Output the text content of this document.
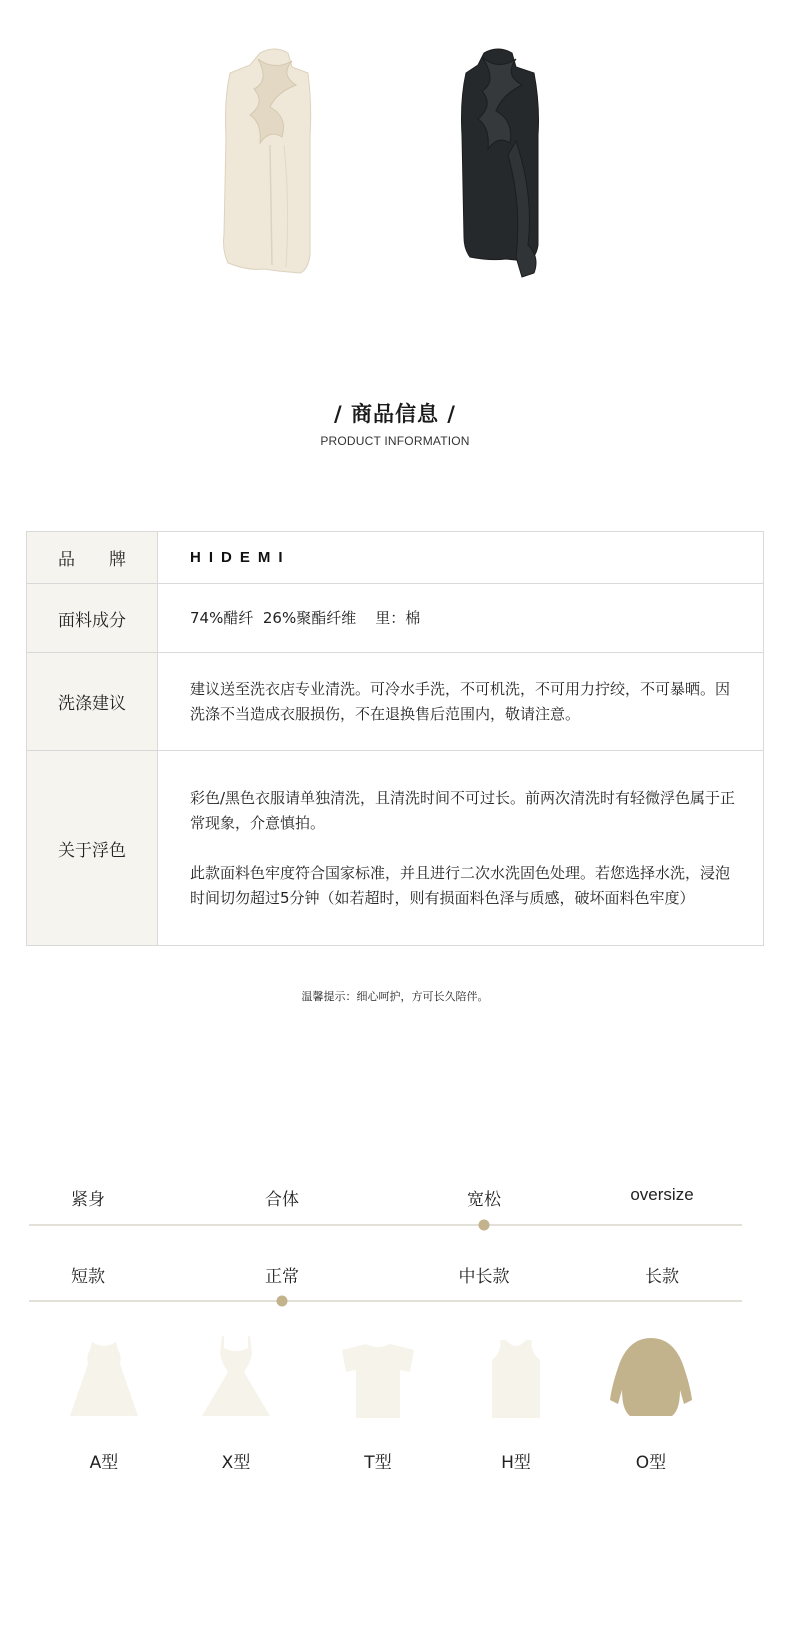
/ 商品信息 /
PRODUCT INFORMATION
品 牌	HIDEMI
面料成分	74%醋纤  26%聚酯纤维    里：棉
洗涤建议	建议送至洗衣店专业清洗。可冷水手洗，不可机洗，不可用力拧绞，不可暴晒。因洗涤不当造成衣服损伤，不在退换售后范围内，敬请注意。
关于浮色	彩色/黑色衣服请单独清洗，且清洗时间不可过长。前两次清洗时有轻微浮色属于正常现象，介意慎拍。

此款面料色牢度符合国家标准，并且进行二次水洗固色处理。若您选择水洗，浸泡时间切勿超过5分钟（如若超时，则有损面料色泽与质感，破坏面料色牢度）

温馨提示：细心呵护，方可长久陪伴。
紧身	合体	宽松	oversize
短款	正常	中长款	长款
A型	X型	T型	H型	O型
